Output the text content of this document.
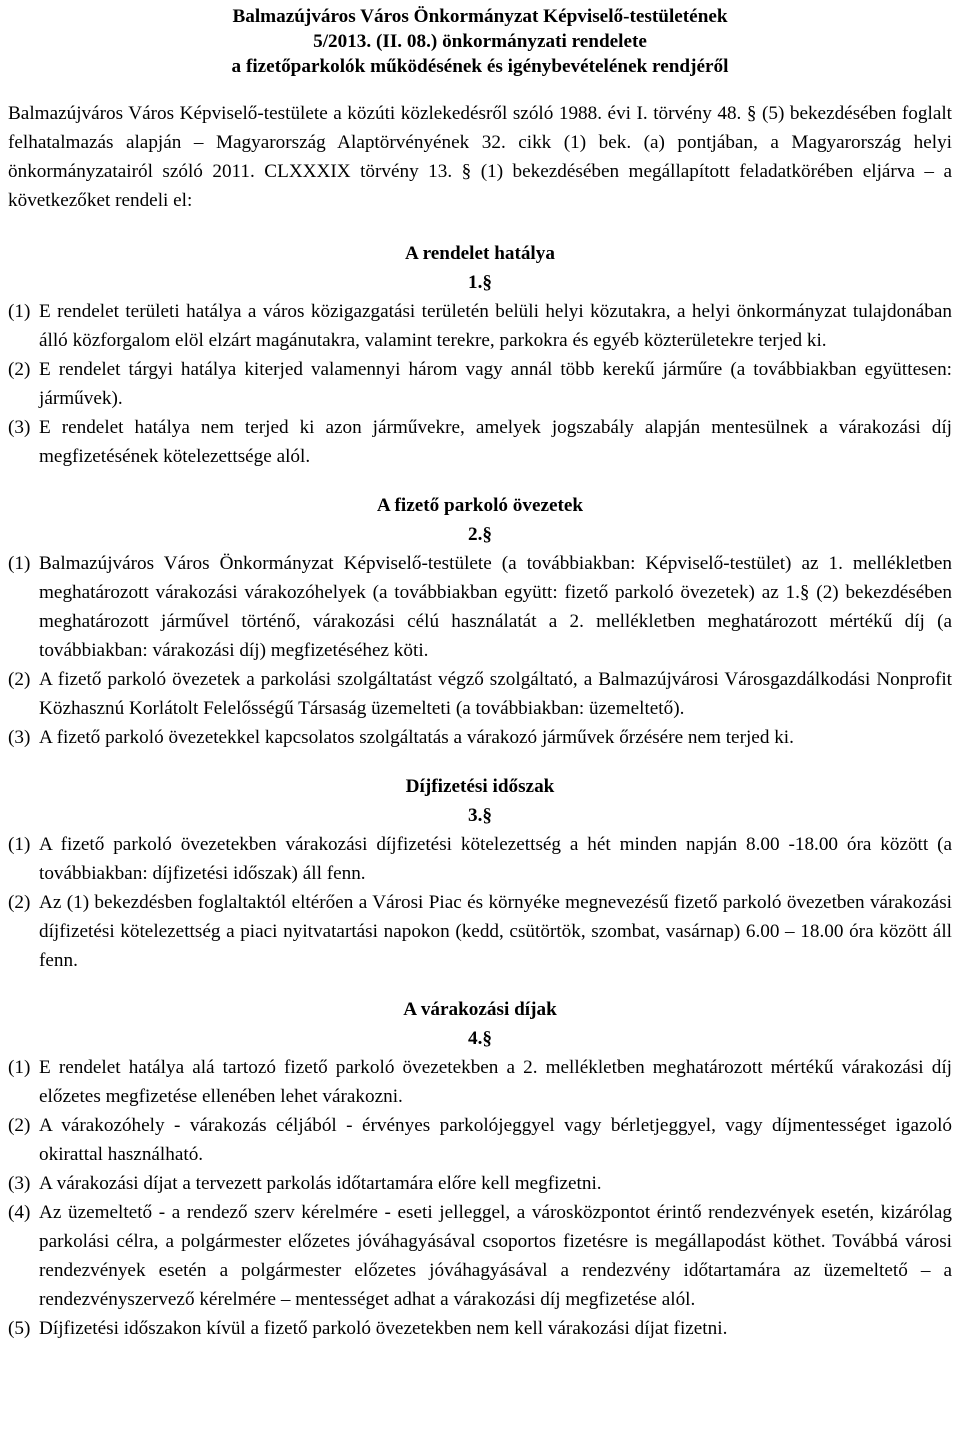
Balmazújváros Város Önkormányzat Képviselő-testületének
5/2013. (II. 08.) önkormányzati rendelete
a fizetőparkolók működésének és igénybevételének rendjéről
Balmazújváros Város Képviselő-testülete a közúti közlekedésről szóló 1988. évi I. törvény 48. § (5) bekezdésében foglalt felhatalmazás alapján – Magyarország Alaptörvényének 32. cikk (1) bek. (a) pontjában, a Magyarország helyi önkormányzatairól szóló 2011. CLXXXIX törvény 13. § (1) bekezdésében megállapított feladatkörében eljárva – a következőket rendeli el:
A rendelet hatálya
1.§
(1) E rendelet területi hatálya a város közigazgatási területén belüli helyi közutakra, a helyi önkormányzat tulajdonában álló közforgalom elöl elzárt magánutakra, valamint terekre, parkokra és egyéb közterületekre terjed ki.
(2) E rendelet tárgyi hatálya kiterjed valamennyi három vagy annál több kerekű járműre (a továbbiakban együttesen: járművek).
(3) E rendelet hatálya nem terjed ki azon járművekre, amelyek jogszabály alapján mentesülnek a várakozási díj megfizetésének kötelezettsége alól.
A fizető parkoló övezetek
2.§
(1) Balmazújváros Város Önkormányzat Képviselő-testülete (a továbbiakban: Képviselő-testület) az 1. mellékletben meghatározott várakozási várakozóhelyek (a továbbiakban együtt: fizető parkoló övezetek) az 1.§ (2) bekezdésében meghatározott járművel történő, várakozási célú használatát a 2. mellékletben meghatározott mértékű díj (a továbbiakban: várakozási díj) megfizetéséhez köti.
(2) A fizető parkoló övezetek a parkolási szolgáltatást végző szolgáltató, a Balmazújvárosi Városgazdálkodási Nonprofit Közhasznú Korlátolt Felelősségű Társaság üzemelteti (a továbbiakban: üzemeltető).
(3) A fizető parkoló övezetekkel kapcsolatos szolgáltatás a várakozó járművek őrzésére nem terjed ki.
Díjfizetési időszak
3.§
(1) A fizető parkoló övezetekben várakozási díjfizetési kötelezettség a hét minden napján 8.00 -18.00 óra között (a továbbiakban: díjfizetési időszak) áll fenn.
(2) Az (1) bekezdésben foglaltaktól eltérően a Városi Piac és környéke megnevezésű fizető parkoló övezetben várakozási díjfizetési kötelezettség a piaci nyitvatartási napokon (kedd, csütörtök, szombat, vasárnap) 6.00 – 18.00 óra között áll fenn.
A várakozási díjak
4.§
(1) E rendelet hatálya alá tartozó fizető parkoló övezetekben a 2. mellékletben meghatározott mértékű várakozási díj előzetes megfizetése ellenében lehet várakozni.
(2) A várakozóhely - várakozás céljából - érvényes parkolójeggyel vagy bérletjeggyel, vagy díjmentességet igazoló okirattal használható.
(3) A várakozási díjat a tervezett parkolás időtartamára előre kell megfizetni.
(4) Az üzemeltető - a rendező szerv kérelmére - eseti jelleggel, a városközpontot érintő rendezvények esetén, kizárólag parkolási célra, a polgármester előzetes jóváhagyásával csoportos fizetésre is megállapodást köthet. Továbbá városi rendezvények esetén a polgármester előzetes jóváhagyásával a rendezvény időtartamára az üzemeltető – a rendezvényszervező kérelmére – mentességet adhat a várakozási díj megfizetése alól.
(5) Díjfizetési időszakon kívül a fizető parkoló övezetekben nem kell várakozási díjat fizetni.
